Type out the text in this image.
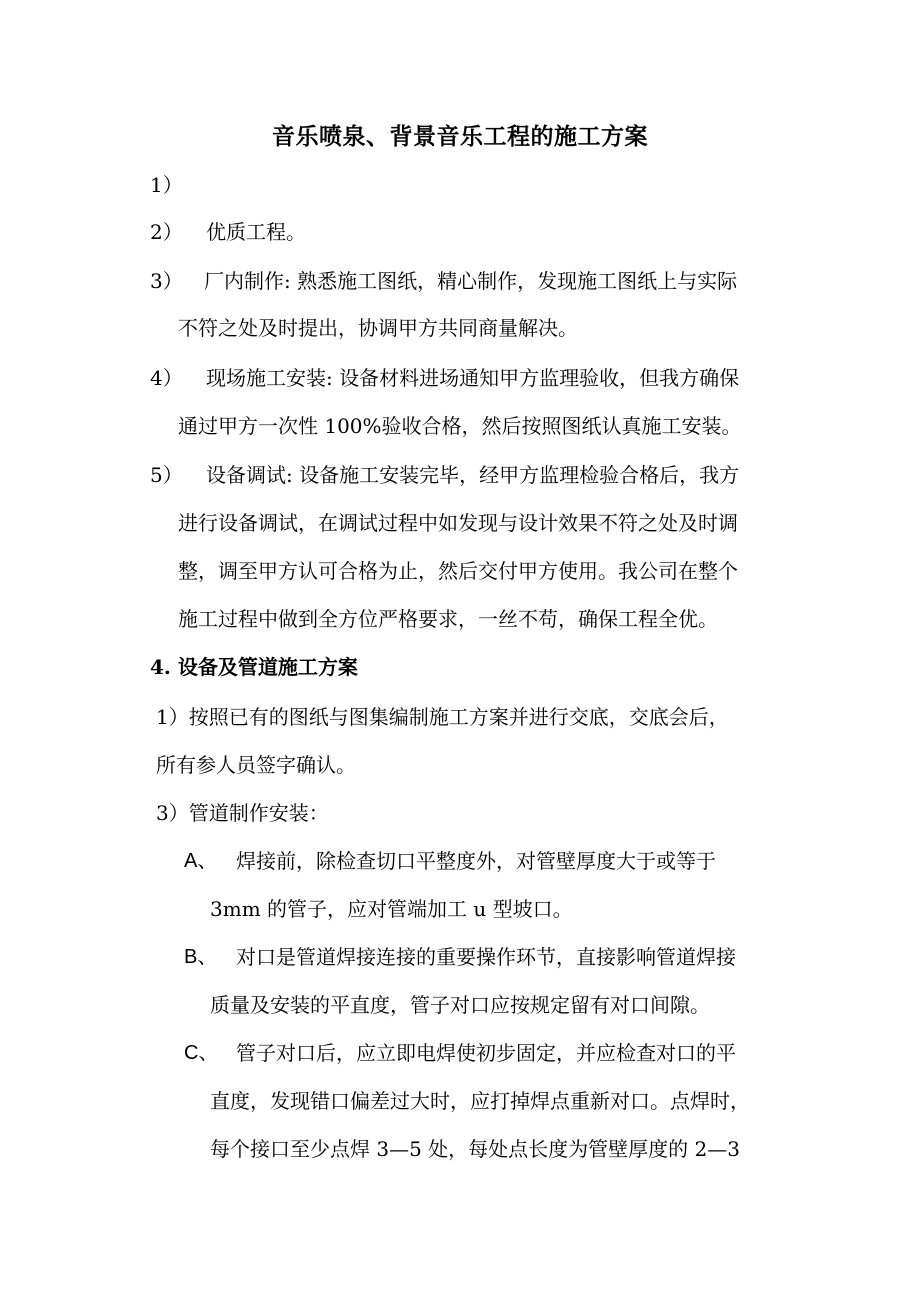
音乐喷泉、背景音乐工程的施工方案
1）
2） 优质工程。
3） 厂内制作: 熟悉施工图纸，精心制作，发现施工图纸上与实际
不符之处及时提出，协调甲方共同商量解决。
4） 现场施工安装: 设备材料进场通知甲方监理验收，但我方确保
通过甲方一次性 100%验收合格，然后按照图纸认真施工安装。
5） 设备调试: 设备施工安装完毕，经甲方监理检验合格后，我方
进行设备调试，在调试过程中如发现与设计效果不符之处及时调
整，调至甲方认可合格为止，然后交付甲方使用。我公司在整个
施工过程中做到全方位严格要求，一丝不苟，确保工程全优。
4. 设备及管道施工方案
1）按照已有的图纸与图集编制施工方案并进行交底，交底会后，
所有参人员签字确认。
3）管道制作安装：
A、 焊接前，除检查切口平整度外，对管壁厚度大于或等于
3mm 的管子，应对管端加工 u 型坡口。
B、 对口是管道焊接连接的重要操作环节，直接影响管道焊接
质量及安装的平直度，管子对口应按规定留有对口间隙。
C、 管子对口后，应立即电焊使初步固定，并应检查对口的平
直度，发现错口偏差过大时，应打掉焊点重新对口。点焊时，
每个接口至少点焊 3—5 处，每处点长度为管壁厚度的 2—3
